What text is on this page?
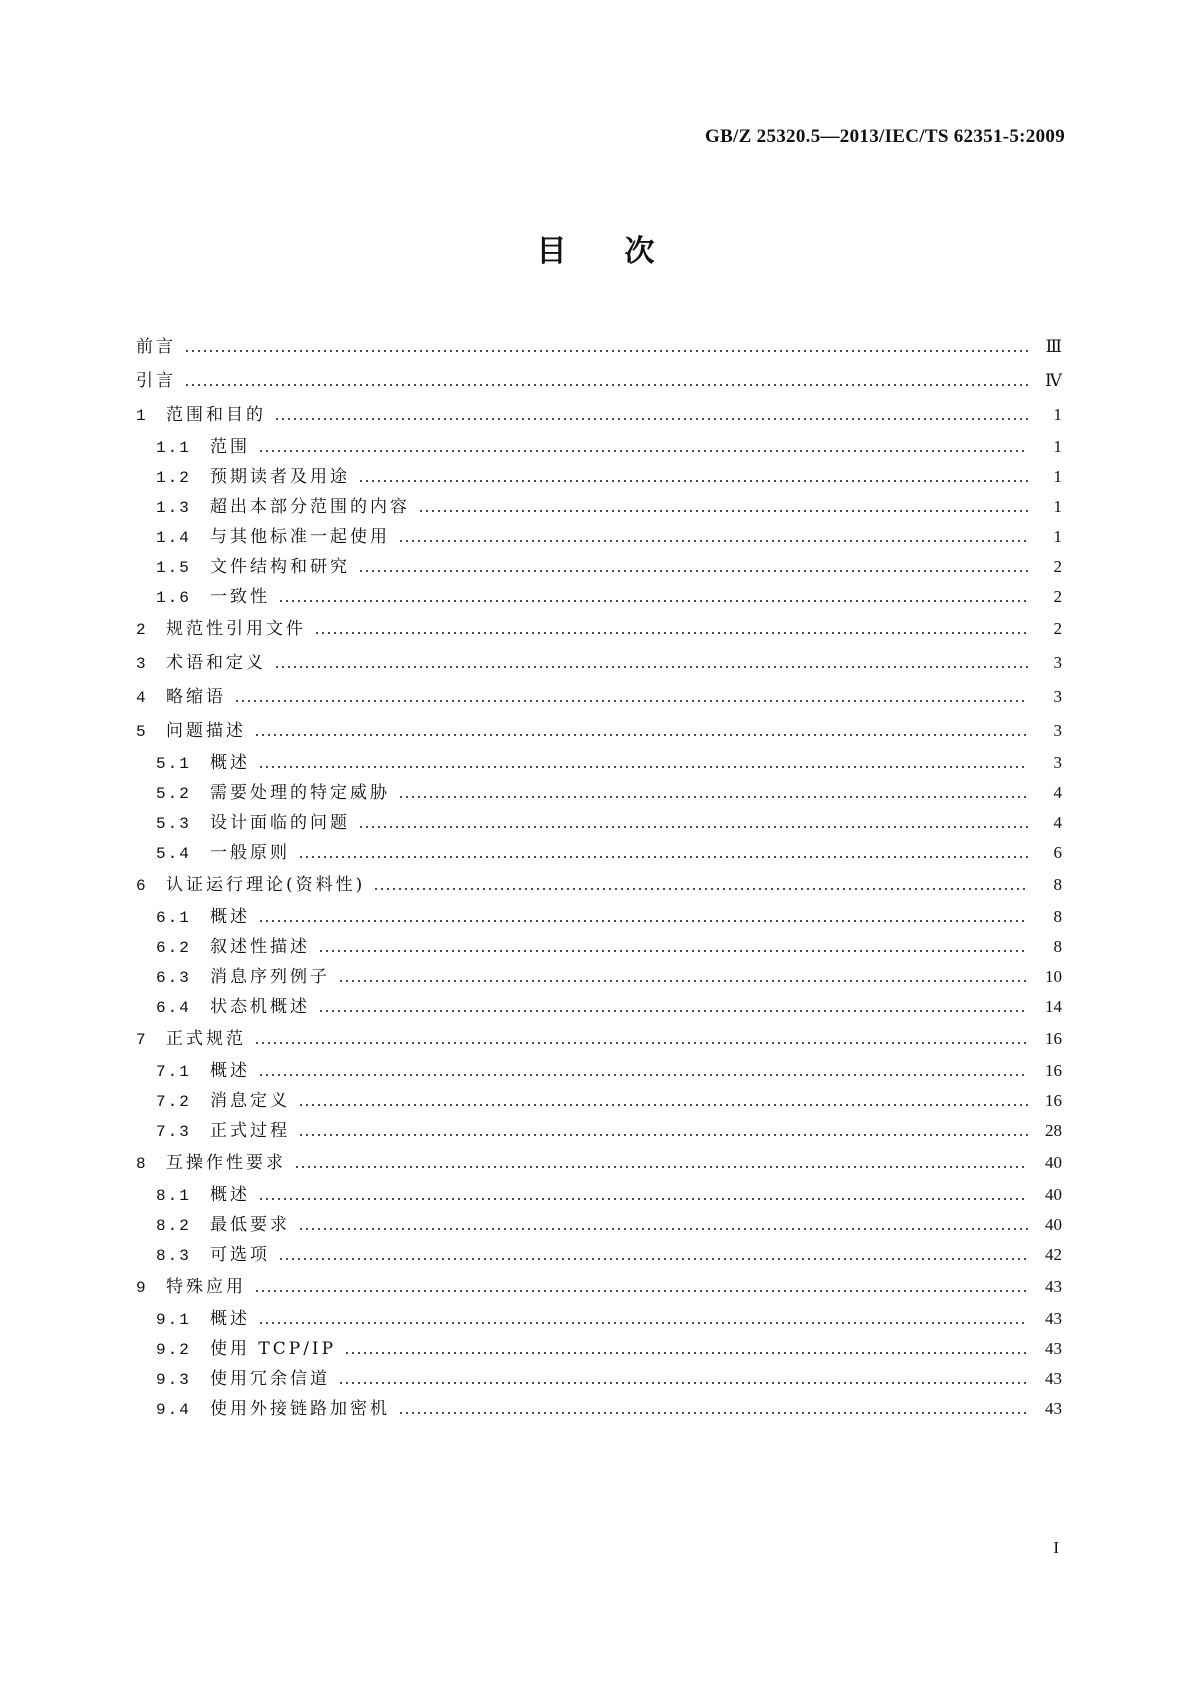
GB/Z 25320.5—2013/IEC/TS 62351-5:2009
目次
前言	Ⅲ
引言	Ⅳ
1	范围和目的	1
1.1	范围	1
1.2	预期读者及用途	1
1.3	超出本部分范围的内容	1
1.4	与其他标准一起使用	1
1.5	文件结构和研究	2
1.6	一致性	2
2	规范性引用文件	2
3	术语和定义	3
4	略缩语	3
5	问题描述	3
5.1	概述	3
5.2	需要处理的特定威胁	4
5.3	设计面临的问题	4
5.4	一般原则	6
6	认证运行理论(资料性)	8
6.1	概述	8
6.2	叙述性描述	8
6.3	消息序列例子	10
6.4	状态机概述	14
7	正式规范	16
7.1	概述	16
7.2	消息定义	16
7.3	正式过程	28
8	互操作性要求	40
8.1	概述	40
8.2	最低要求	40
8.3	可选项	42
9	特殊应用	43
9.1	概述	43
9.2	使用 TCP/IP	43
9.3	使用冗余信道	43
9.4	使用外接链路加密机	43
I
